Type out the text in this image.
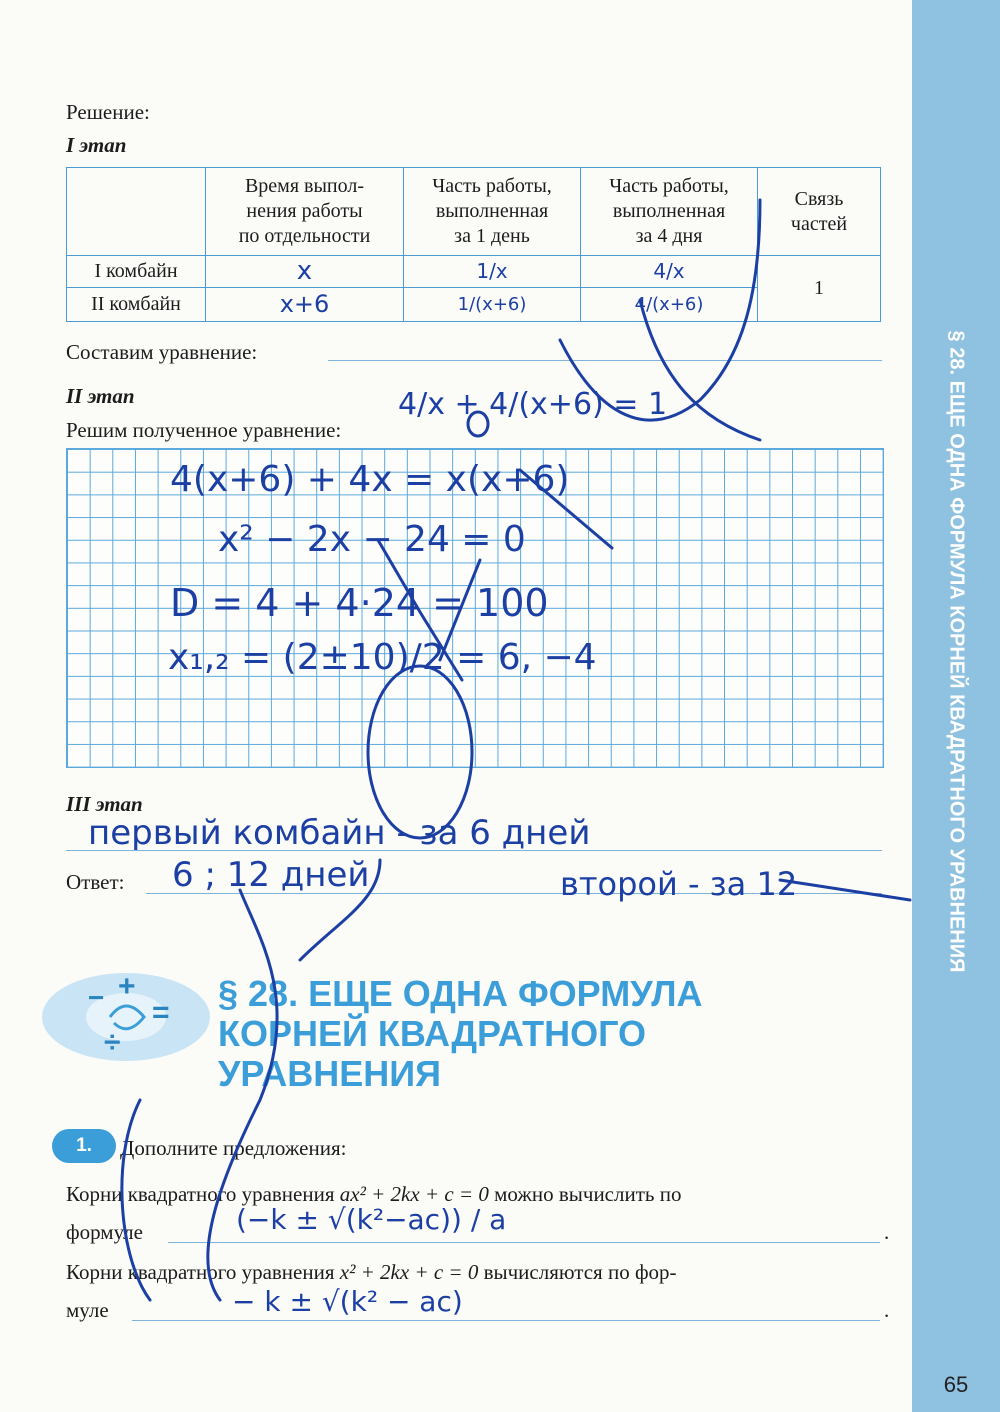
§ 28. ЕЩЕ ОДНА ФОРМУЛА КОРНЕЙ КВАДРАТНОГО УРАВНЕНИЯ
65
Решение:
I этап
	Время выпол-
нения работы
по отдельности	Часть работы,
выполненная
за 1 день	Часть работы,
выполненная
за 4 дня	Связь
частей
I комбайн	x	1/x	4/x	1
II комбайн	x+6	1/(x+6)	4/(x+6)	
Составим уравнение:
4/x + 4/(x+6) = 1
II этап
Решим полученное уравнение:
4(x+6) + 4x = x(x+6)
x² − 2x − 24 = 0
D = 4 + 4·24 = 100
x₁,₂ = (2±10)/2 = 6, −4
III этап
первый комбайн - за 6 дней
Ответ: 6 ; 12 дней	второй - за 12
− +
=
÷
§ 28. ЕЩЕ ОДНА ФОРМУЛА
КОРНЕЙ КВАДРАТНОГО
УРАВНЕНИЯ
1.	Дополните предложения:
Корни квадратного уравнения ax² + 2kx + c = 0 можно вычислить по
формуле	.
(−k ± √(k²−ac)) / a
Корни квадратного уравнения x² + 2kx + c = 0 вычисляются по фор-
муле	.
− k ± √(k² − ac)
